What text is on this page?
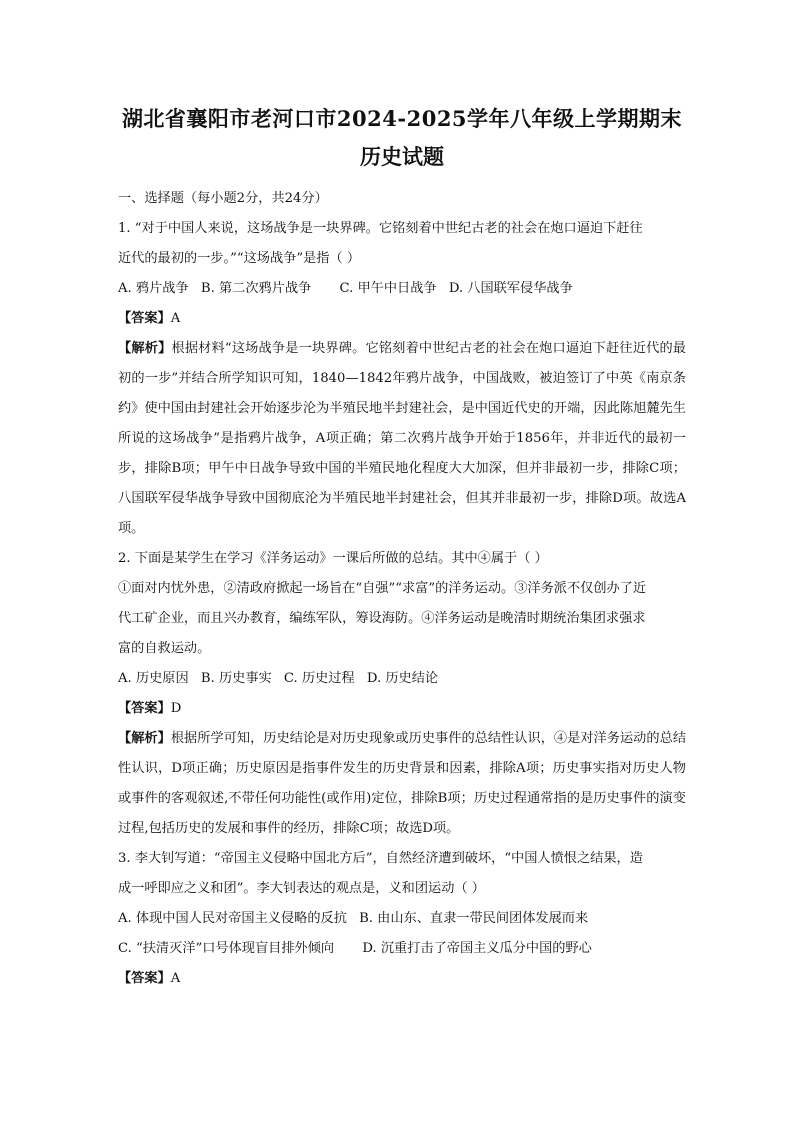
湖北省襄阳市老河口市2024-2025学年八年级上学期期末
历史试题
一、选择题（每小题2分，共24分）
1. “对于中国人来说，这场战争是一块界碑。它铭刻着中世纪古老的社会在炮口逼迫下赶往
近代的最初的一步。”“这场战争”是指（ ）
A. 鸦片战争 B. 第二次鸦片战争 C. 甲午中日战争 D. 八国联军侵华战争
【答案】A
【解析】根据材料“这场战争是一块界碑。它铭刻着中世纪古老的社会在炮口逼迫下赶往近代的最初的一步”并结合所学知识可知，1840—1842年鸦片战争，中国战败，被迫签订了中英《南京条约》使中国由封建社会开始逐步沦为半殖民地半封建社会，是中国近代史的开端，因此陈旭麓先生所说的这场战争”是指鸦片战争，A项正确；第二次鸦片战争开始于1856年，并非近代的最初一步，排除B项；甲午中日战争导致中国的半殖民地化程度大大加深，但并非最初一步，排除C项；八国联军侵华战争导致中国彻底沦为半殖民地半封建社会，但其并非最初一步，排除D项。故选A项。
2. 下面是某学生在学习《洋务运动》一课后所做的总结。其中④属于（ ）
①面对内忧外患，②清政府掀起一场旨在“自强”“求富”的洋务运动。③洋务派不仅创办了近
代工矿企业，而且兴办教育，编练军队，筹设海防。④洋务运动是晚清时期统治集团求强求
富的自救运动。
A. 历史原因 B. 历史事实 C. 历史过程 D. 历史结论
【答案】D
【解析】根据所学可知，历史结论是对历史现象或历史事件的总结性认识，④是对洋务运动的总结性认识，D项正确；历史原因是指事件发生的历史背景和因素，排除A项；历史事实指对历史人物或事件的客观叙述,不带任何功能性(或作用)定位，排除B项；历史过程通常指的是历史事件的演变过程,包括历史的发展和事件的经历，排除C项；故选D项。
3. 李大钊写道：“帝国主义侵略中国北方后”，自然经济遭到破坏，“中国人愤恨之结果，造
成一呼即应之义和团”。李大钊表达的观点是，义和团运动（ ）
A. 体现中国人民对帝国主义侵略的反抗 B. 由山东、直隶一带民间团体发展而来
C. “扶清灭洋”口号体现盲目排外倾向 D. 沉重打击了帝国主义瓜分中国的野心
【答案】A
